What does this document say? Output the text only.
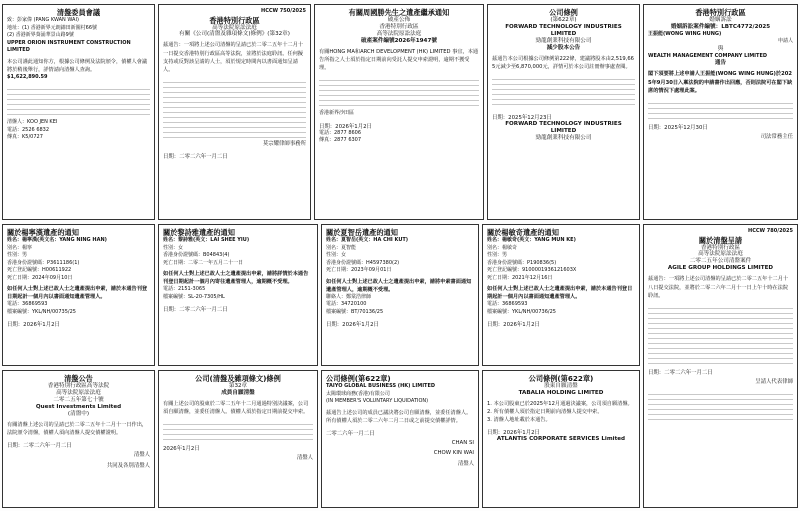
清盤委員會議
致：彭家偉 (PANG KWAN WAI)
地址：(1) 香港新界元朗錦田新圍村66號
(2) 香港新界葵涌華景山路9號
UPPER ORION INSTRUMENT CONSTRUCTION LIMITED
本公司謹此通知你方，根據公司條例及法院頒令，債權人會議將於稍後舉行，詳情請向清盤人查詢。
$1,622,890.59
清盤人：KOO JEN KEI
電話：2526 6832
傳真：K5/0727
HCCW 750/2025
香港特別行政區
高等法院原訟法庭
有關《公司(清盤及雜項條文)條例》(第32章)
茲通告：一項將上述公司清盤的呈請已於二零二五年十二月十一日提交香港特別行政區高等法院，並將於法庭聆訊。任何擬支持或反對該呈請的人士，須於規定時間內以書面通知呈請人。
莫宗耀律師事務所
日期：二零二六年一月二日
有關周國勝先生之遺產繼承通知
破產公佈
香港特別行政區
高等法院原訟法庭
破產案件編號2026年1947號
有關HONG MA和ARCH DEVELOPMENT (HK) LIMITED 事宜，本通告所指之人士須於指定日期前向受託人提交申索證明，逾期不獲受理。
香港新界沙田區
日期：2026年1月2日
電話：2877 8606
傳真：2877 6307
公司條例
(第622章)
FORWARD TECHNOLOGY INDUSTRIES LIMITED
勁龍創業科技有限公司
減少股本公告
茲通告本公司根據公司條例第222條，建議將股本由2,519,665元減少至6,870,000元，詳情可於本公司註冊辦事處查閱。
日期：2025年12月23日
FORWARD TECHNOLOGY INDUSTRIES LIMITED
勁龍創業科技有限公司
香港特別行政區
婚姻訴訟
婚姻訴訟案件編號：LBTC4772/2025
王振能(WONG WING HUNG)
申請人
與
WEALTH MANAGEMENT COMPANY LIMITED
通告
閣下須要將上述申請人王振能(WONG WING HUNG)於2025年9月30日入稟法院的申請書作出回應，否則法院可在閣下缺席的情況下處理此案。
日期：2025年12月30日
司法常務主任
關於楊寧漢遺產的通知
姓名：楊寧漢(英文名：YANG NING HAN)
別名：楊寧
性別：男
香港身份證號碼：P3611186(1)
死亡登記編號：H00611922
死亡日期：2024年09月10日
如任何人士對上述已故人士之遺產提出申索，請於本通告刊登日期起計一個月內以書面通知遺產管理人。
電話：36869593
檔案編號：YKL/NH/00735/25
日期：2026年1月2日
關於黎詩雅遺產的通知
姓名：黎詩雅(英文：LAI SHEE YIU)
性別：女
香港身份證號碼：B04843(4)
死亡日期：二零二一年五月二十一日
如任何人士對上述已故人士之遺產提出申索，請將詳情於本通告刊登日期起計一個月內寄往遺產管理人，逾期概不受理。
電話：2151-3065
檔案編號：SL-20-7305/HL
日期：二零二六年一月二日
關於夏智岳遺產的通知
姓名：夏智岳(英文：HA CHI KUT)
別名：夏智能
性別：女
香港身份證號碼：H4597380(2)
死亡日期：2023年09月01日
如任何人士對上述已故人士之遺產提出申索，請將申索書面通知遺產管理人，逾期概不受理。
聯絡人：鄭棠浩律師
電話：34720100
檔案編號：BT/70136/25
日期：2026年1月2日
關於楊敏奇遺產的通知
姓名：楊敏奇(英文：YANG MUN KE)
別名：楊敏奇
性別：男
香港身份證號碼：P190836(5)
死亡登記編號：9100001936121603X
死亡日期：2021年12月16日
如任何人士對上述已故人士之遺產提出申索，請於本通告刊登日期起計一個月內以書面通知遺產管理人。
電話：36869593
檔案編號：YKL/NH/00736/25
日期：2026年1月2日
HCCW 780/2025
關於清盤呈請
香港特別行政區
高等法院原訟法庭
二零二五年公司清盤案件
AGILE GROUP HOLDINGS LIMITED
茲通告：一項將上述公司清盤的呈請已於二零二五年十二月十八日提交法院，並將於二零二六年二月十一日上午十時在法院聆訊。
日期：二零二六年一月二日
呈請人代表律師
清盤公告
香港特別行政區高等法院
高等法院原訟法庭
二零二五年第七十號
Quest Investments Limited
(清盤中)
有關清盤上述公司的呈請已於二零二五年十二月十一日作出，法院頒令清盤，債權人須向清盤人提交債權證明。
日期：二零二六年一月二日
清盤人
共同及各別清盤人
公司(清盤及雜項條文)條例
第32章
成員自願清盤
有關上述公司的股東於二零二五年十二月通過特別決議案，公司須自願清盤，並委任清盤人。債權人須於指定日期前提交申索。
2026年1月2日
清盤人
公司條例(第622章)
TAIYO GLOBAL BUSINESS (HK) LIMITED
太陽環球商務(香港)有限公司
(IN MEMBER'S VOLUNTARY LIQUIDATION)
茲通告上述公司的成員已議決將公司自願清盤，並委任清盤人。所有債權人須於二零二六年二月二日或之前提交債權詳情。
二零二六年一月二日
CHAN SI
CHOW KIN WAI
清盤人
公司條例(第622章)
股東自願清盤
TABALIA HOLDING LIMITED
1. 本公司股東已於2025年12月通過決議案，公司須自願清盤。
2. 所有債權人須於指定日期前向清盤人提交申索。
3. 清盤人地址載於本通告。
日期：2026年1月2日
ATLANTIS CORPORATE SERVICES Limited
